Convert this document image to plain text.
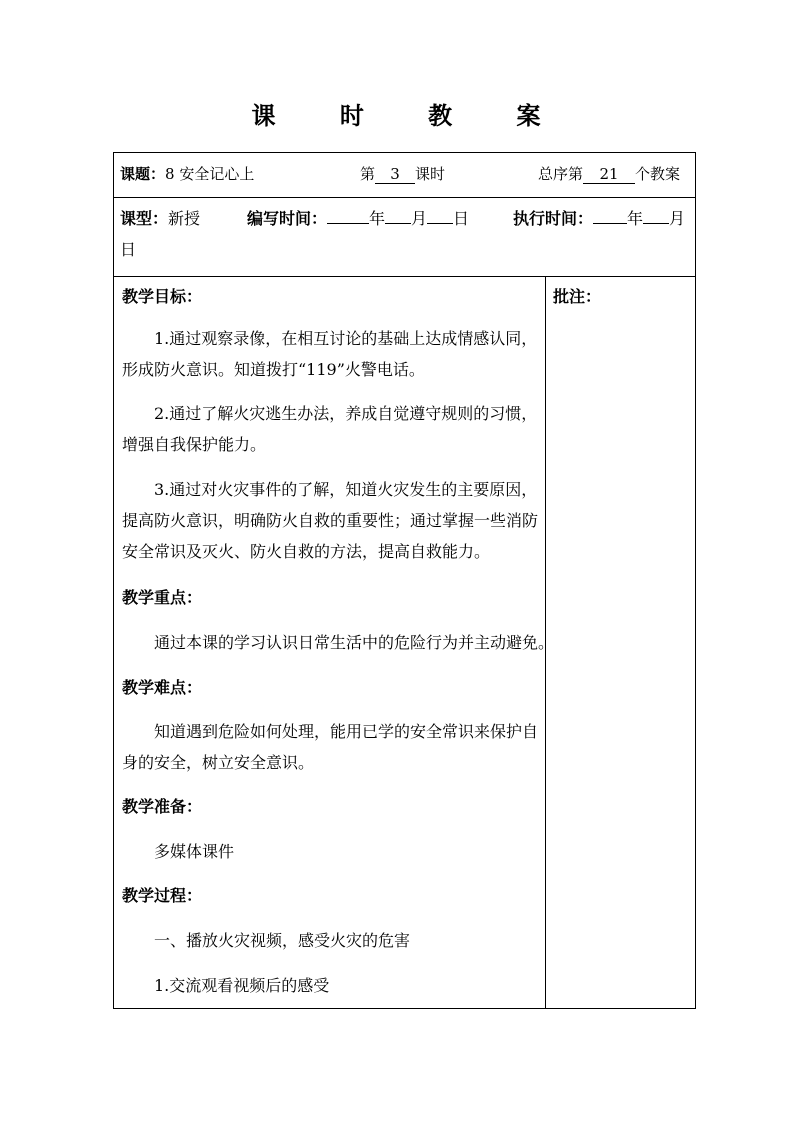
课	时	教	案
课题：8 安全记心上	第 3 课时	总序第 21 个教案
课型：新授	编写时间：	年 月 日	执行时间： 年 月
日
批注：
教学目标：
1.通过观察录像，在相互讨论的基础上达成情感认同，
形成防火意识。知道拨打“119”火警电话。
2.通过了解火灾逃生办法，养成自觉遵守规则的习惯，
增强自我保护能力。
3.通过对火灾事件的了解，知道火灾发生的主要原因，
提高防火意识，明确防火自救的重要性；通过掌握一些消防
安全常识及灭火、防火自救的方法，提高自救能力。
教学重点：
通过本课的学习认识日常生活中的危险行为并主动避免。
教学难点：
知道遇到危险如何处理，能用已学的安全常识来保护自
身的安全，树立安全意识。
教学准备：
多媒体课件
教学过程：
一、播放火灾视频，感受火灾的危害
1.交流观看视频后的感受
